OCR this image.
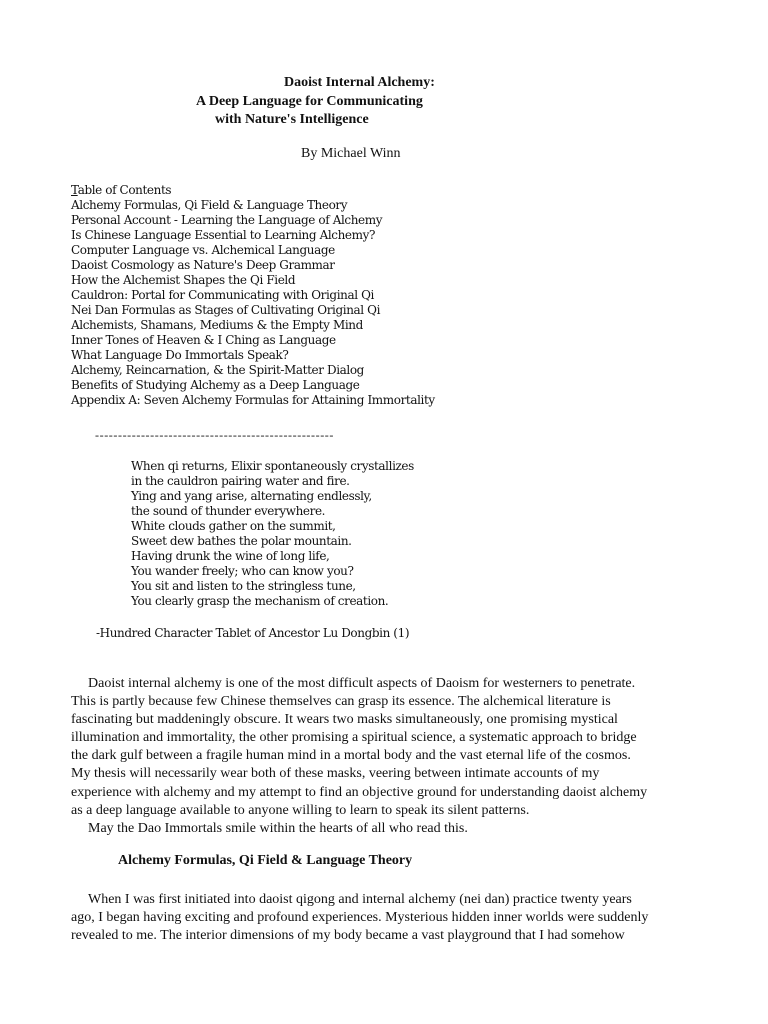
Daoist Internal Alchemy:
A Deep Language for Communicating
with Nature's Intelligence
By Michael Winn
Table of Contents
Alchemy Formulas, Qi Field & Language Theory
Personal Account - Learning the Language of Alchemy
Is Chinese Language Essential to Learning Alchemy?
Computer Language vs. Alchemical Language
Daoist Cosmology as Nature's Deep Grammar
How the Alchemist Shapes the Qi Field
Cauldron: Portal for Communicating with Original Qi
Nei Dan Formulas as Stages of Cultivating Original Qi
Alchemists, Shamans, Mediums & the Empty Mind
Inner Tones of Heaven & I Ching as Language
What Language Do Immortals Speak?
Alchemy, Reincarnation, & the Spirit-Matter Dialog
Benefits of Studying Alchemy as a Deep Language
Appendix A: Seven Alchemy Formulas for Attaining Immortality
----------------------------------------------------
When qi returns, Elixir spontaneously crystallizes
in the cauldron pairing water and fire.
Ying and yang arise, alternating endlessly,
the sound of thunder everywhere.
White clouds gather on the summit,
Sweet dew bathes the polar mountain.
Having drunk the wine of long life,
You wander freely; who can know you?
You sit and listen to the stringless tune,
You clearly grasp the mechanism of creation.
-Hundred Character Tablet of Ancestor Lu Dongbin (1)
Daoist internal alchemy is one of the most difficult aspects of Daoism for westerners to penetrate.
This is partly because few Chinese themselves can grasp its essence. The alchemical literature is
fascinating but maddeningly obscure. It wears two masks simultaneously, one promising mystical
illumination and immortality, the other promising a spiritual science, a systematic approach to bridge
the dark gulf between a fragile human mind in a mortal body and the vast eternal life of the cosmos.
My thesis will necessarily wear both of these masks, veering between intimate accounts of my
experience with alchemy and my attempt to find an objective ground for understanding daoist alchemy
as a deep language available to anyone willing to learn to speak its silent patterns.
May the Dao Immortals smile within the hearts of all who read this.
Alchemy Formulas, Qi Field & Language Theory
When I was first initiated into daoist qigong and internal alchemy (nei dan) practice twenty years
ago, I began having exciting and profound experiences. Mysterious hidden inner worlds were suddenly
revealed to me. The interior dimensions of my body became a vast playground that I had somehow
